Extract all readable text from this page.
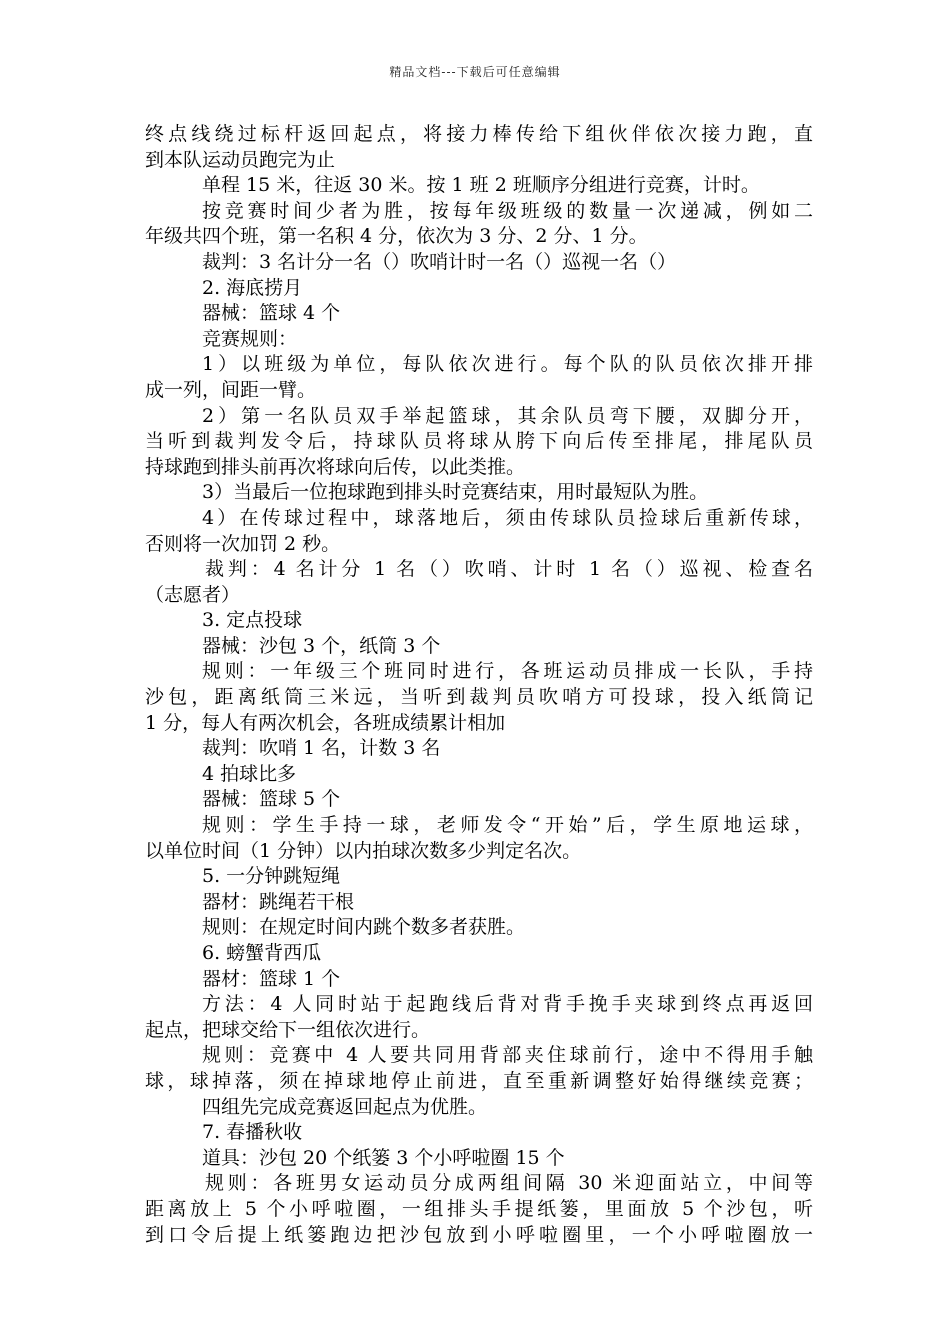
精品文档---下载后可任意编辑
终点线绕过标杆返回起点，将接力棒传给下组伙伴依次接力跑，直
到本队运动员跑完为止
单程 15 米，往返 30 米。按 1 班 2 班顺序分组进行竞赛，计时。
按竞赛时间少者为胜，按每年级班级的数量一次递减，例如二
年级共四个班，第一名积 4 分，依次为 3 分、2 分、1 分。
裁判：3 名计分一名（）吹哨计时一名（）巡视一名（）
2. 海底捞月
器械：篮球 4 个
竞赛规则：
1）以班级为单位，每队依次进行。每个队的队员依次排开排
成一列，间距一臂。
2）第一名队员双手举起篮球，其余队员弯下腰，双脚分开，
当听到裁判发令后，持球队员将球从胯下向后传至排尾，排尾队员
持球跑到排头前再次将球向后传，以此类推。
3）当最后一位抱球跑到排头时竞赛结束，用时最短队为胜。
4）在传球过程中，球落地后，须由传球队员捡球后重新传球，
否则将一次加罚 2 秒。
裁判：4 名计分 1 名（）吹哨、计时 1 名（）巡视、检查名
（志愿者）
3. 定点投球
器械：沙包 3 个，纸筒 3 个
规则：一年级三个班同时进行，各班运动员排成一长队，手持
沙包，距离纸筒三米远，当听到裁判员吹哨方可投球，投入纸筒记
1 分，每人有两次机会，各班成绩累计相加
裁判：吹哨 1 名，计数 3 名
4 拍球比多
器械：篮球 5 个
规则：学生手持一球，老师发令“开始”后，学生原地运球，
以单位时间（1 分钟）以内拍球次数多少判定名次。
5. 一分钟跳短绳
器材：跳绳若干根
规则：在规定时间内跳个数多者获胜。
6. 螃蟹背西瓜
器材：篮球 1 个
方法：4 人同时站于起跑线后背对背手挽手夹球到终点再返回
起点，把球交给下一组依次进行。
规则：竞赛中 4 人要共同用背部夹住球前行，途中不得用手触
球，球掉落，须在掉球地停止前进，直至重新调整好始得继续竞赛；
四组先完成竞赛返回起点为优胜。
7. 春播秋收
道具：沙包 20 个纸篓 3 个小呼啦圈 15 个
规则：各班男女运动员分成两组间隔 30 米迎面站立，中间等
距离放上 5 个小呼啦圈，一组排头手提纸篓，里面放 5 个沙包，听
到口令后提上纸篓跑边把沙包放到小呼啦圈里，一个小呼啦圈放一
